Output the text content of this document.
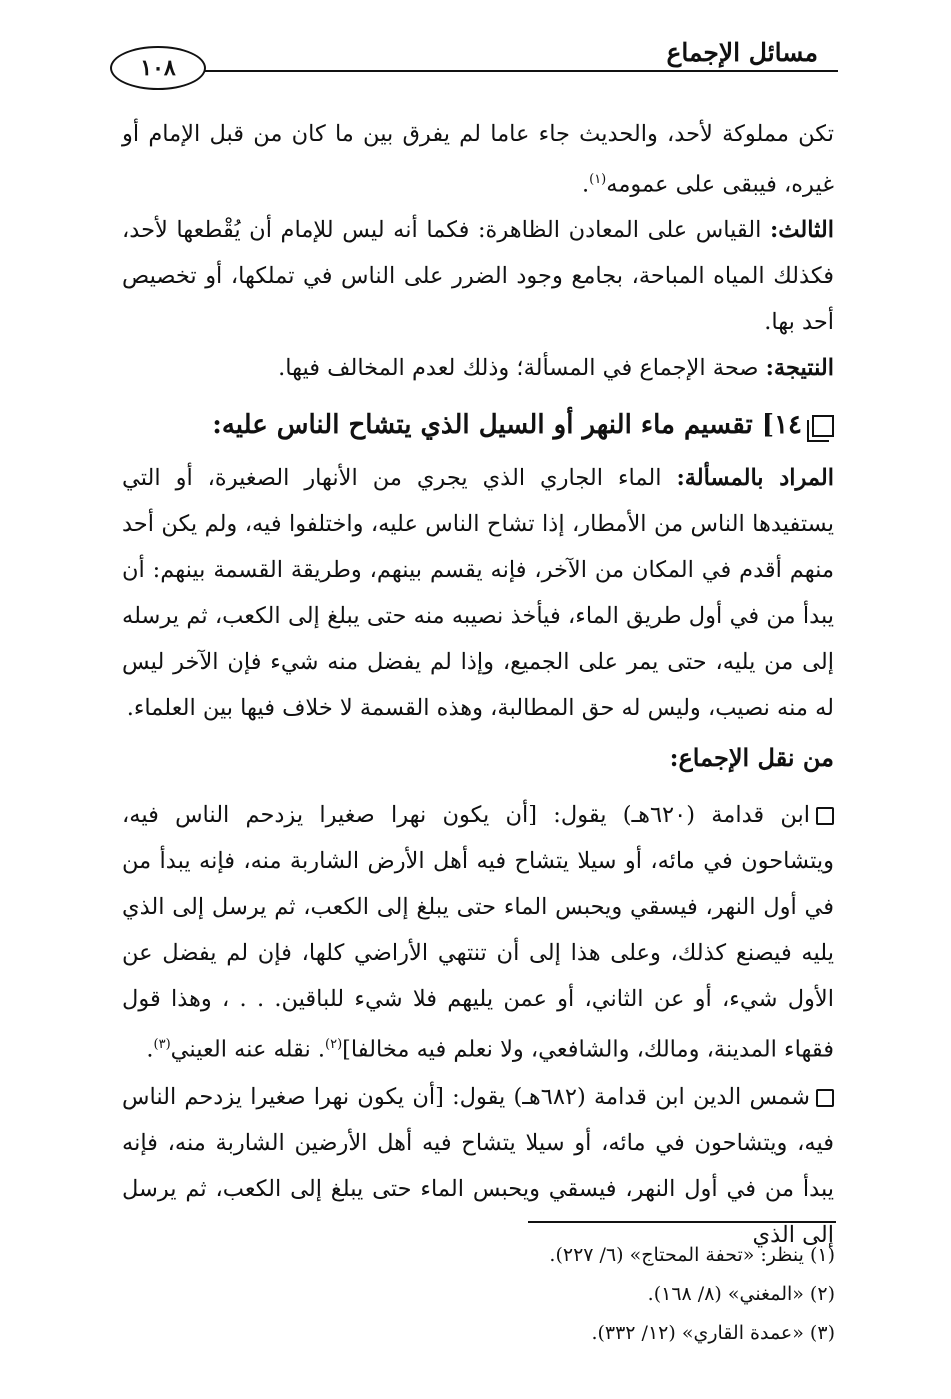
مسائل الإجماع
١٠٨

تكن مملوكة لأحد، والحديث جاء عاما لم يفرق بين ما كان من قبل الإمام أو غيره، فيبقى على عمومه$^{(١)}$.

الثالث: القياس على المعادن الظاهرة: فكما أنه ليس للإمام أن يُقْطعها لأحد، فكذلك المياه المباحة، بجامع وجود الضرر على الناس في تملكها، أو تخصيص أحد بها.

النتيجة: صحة الإجماع في المسألة؛ وذلك لعدم المخالف فيها.

١٤] تقسيم ماء النهر أو السيل الذي يتشاح الناس عليه:

المراد بالمسألة: الماء الجاري الذي يجري من الأنهار الصغيرة، أو التي يستفيدها الناس من الأمطار، إذا تشاح الناس عليه، واختلفوا فيه، ولم يكن أحد منهم أقدم في المكان من الآخر، فإنه يقسم بينهم، وطريقة القسمة بينهم: أن يبدأ من في أول طريق الماء، فيأخذ نصيبه منه حتى يبلغ إلى الكعب، ثم يرسله إلى من يليه، حتى يمر على الجميع، وإذا لم يفضل منه شيء فإن الآخر ليس له منه نصيب، وليس له حق المطالبة، وهذه القسمة لا خلاف فيها بين العلماء.

من نقل الإجماع:

ابن قدامة (٦٢٠هـ) يقول: [أن يكون نهرا صغيرا يزدحم الناس فيه، ويتشاحون في مائه، أو سيلا يتشاح فيه أهل الأرض الشاربة منه، فإنه يبدأ من في أول النهر، فيسقي ويحبس الماء حتى يبلغ إلى الكعب، ثم يرسل إلى الذي يليه فيصنع كذلك، وعلى هذا إلى أن تنتهي الأراضي كلها، فإن لم يفضل عن الأول شيء، أو عن الثاني، أو عمن يليهم فلا شيء للباقين. . . ، وهذا قول فقهاء المدينة، ومالك، والشافعي، ولا نعلم فيه مخالفا]$^{(٢)}$. نقله عنه العيني$^{(٣)}$.

شمس الدين ابن قدامة (٦٨٢هـ) يقول: [أن يكون نهرا صغيرا يزدحم الناس فيه، ويتشاحون في مائه، أو سيلا يتشاح فيه أهل الأرضين الشاربة منه، فإنه يبدأ من في أول النهر، فيسقي ويحبس الماء حتى يبلغ إلى الكعب، ثم يرسل إلى الذي

(١) ينظر: «تحفة المحتاج» (٦/ ٢٢٧).
(٢) «المغني» (٨/ ١٦٨).
(٣) «عمدة القاري» (١٢/ ٣٣٢).
